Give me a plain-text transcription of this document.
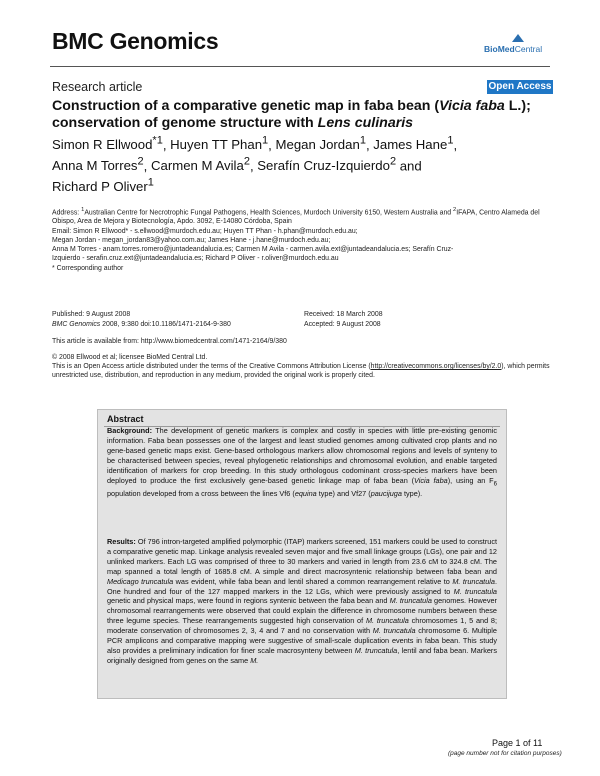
BMC Genomics	BioMedCentral
Research article	Open Access
Construction of a comparative genetic map in faba bean (Vicia faba L.); conservation of genome structure with Lens culinaris
Simon R Ellwood$^{*1}$, Huyen TT Phan$^1$, Megan Jordan$^1$, James Hane$^1$,
Anna M Torres$^2$, Carmen M Avila$^2$, Serafín Cruz-Izquierdo$^2$ and
Richard P Oliver$^1$
Address: $^1$Australian Centre for Necrotrophic Fungal Pathogens, Health Sciences, Murdoch University 6150, Western Australia and $^2$IFAPA, Centro Alameda del Obispo, Area de Mejora y Biotecnología, Apdo. 3092, E-14080 Córdoba, Spain
Email: Simon R Ellwood* - s.ellwood@murdoch.edu.au; Huyen TT Phan - h.phan@murdoch.edu.au;
Megan Jordan - megan_jordan83@yahoo.com.au; James Hane - j.hane@murdoch.edu.au;
Anna M Torres - anam.torres.romero@juntadeandalucia.es; Carmen M Avila - carmen.avila.ext@juntadeandalucia.es; Serafín Cruz-
Izquierdo - serafin.cruz.ext@juntadeandalucia.es; Richard P Oliver - r.oliver@murdoch.edu.au
* Corresponding author
Published: 9 August 2008
BMC Genomics 2008, 9:380 doi:10.1186/1471-2164-9-380
Received: 18 March 2008
Accepted: 9 August 2008
This article is available from: http://www.biomedcentral.com/1471-2164/9/380
© 2008 Ellwood et al; licensee BioMed Central Ltd.
This is an Open Access article distributed under the terms of the Creative Commons Attribution License (http://creativecommons.org/licenses/by/2.0), which permits unrestricted use, distribution, and reproduction in any medium, provided the original work is properly cited.
Abstract
Background: The development of genetic markers is complex and costly in species with little pre-existing genomic information. Faba bean possesses one of the largest and least studied genomes among cultivated crop plants and no gene-based genetic maps exist. Gene-based orthologous markers allow chromosomal regions and levels of synteny to be characterised between species, reveal phylogenetic relationships and chromosomal evolution, and enable targeted identification of markers for crop breeding. In this study orthologous codominant cross-species markers have been deployed to produce the first exclusively gene-based genetic linkage map of faba bean (Vicia faba), using an $F_6$ population developed from a cross between the lines Vf6 (equina type) and Vf27 (paucijuga type).
Results: Of 796 intron-targeted amplified polymorphic (ITAP) markers screened, 151 markers could be used to construct a comparative genetic map. Linkage analysis revealed seven major and five small linkage groups (LGs), one pair and 12 unlinked markers. Each LG was comprised of three to 30 markers and varied in length from 23.6 cM to 324.8 cM. The map spanned a total length of 1685.8 cM. A simple and direct macrosyntenic relationship between faba bean and Medicago truncatula was evident, while faba bean and lentil shared a common rearrangement relative to M. truncatula. One hundred and four of the 127 mapped markers in the 12 LGs, which were previously assigned to M. truncatula genetic and physical maps, were found in regions syntenic between the faba bean and M. truncatula genomes. However chromosomal rearrangements were observed that could explain the difference in chromosome numbers between these three legume species. These rearrangements suggested high conservation of M. truncatula chromosomes 1, 5 and 8; moderate conservation of chromosomes 2, 3, 4 and 7 and no conservation with M. truncatula chromosome 6. Multiple PCR amplicons and comparative mapping were suggestive of small-scale duplication events in faba bean. This study also provides a preliminary indication for finer scale macrosynteny between M. truncatula, lentil and faba bean. Markers originally designed from genes on the same M.
Page 1 of 11
(page number not for citation purposes)
